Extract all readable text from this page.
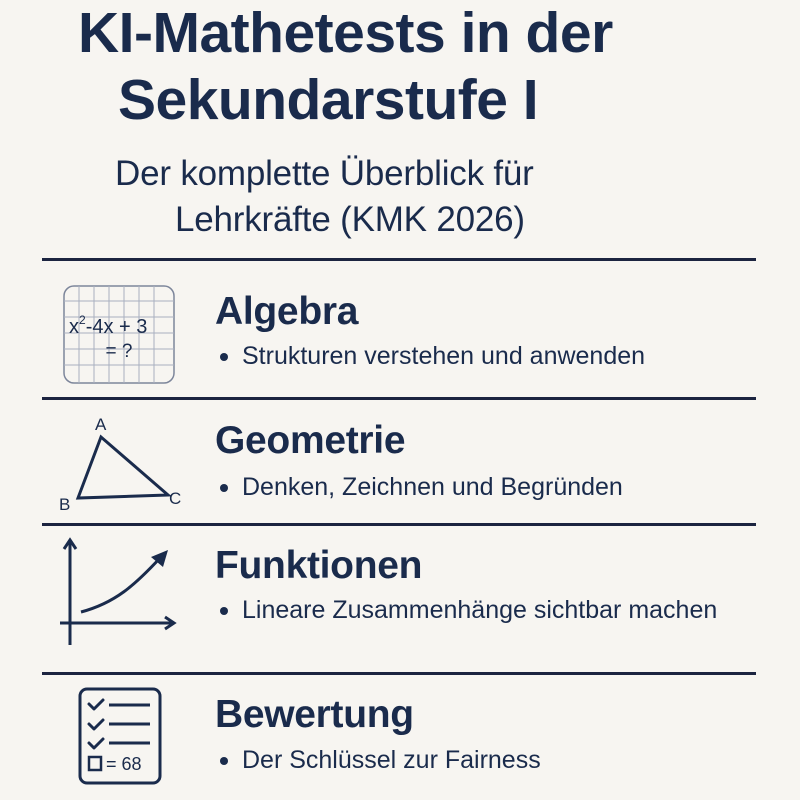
KI-Mathetests in der
Sekundarstufe I
Der komplette Überblick für
Lehrkräfte (KMK 2026)
$x^2-4x + 3$
= ?
Algebra
Strukturen verstehen und anwenden
A
B	C
Geometrie
Denken, Zeichnen und Begründen
Funktionen
Lineare Zusammenhänge sichtbar machen
= 68
Bewertung
Der Schlüssel zur Fairness
